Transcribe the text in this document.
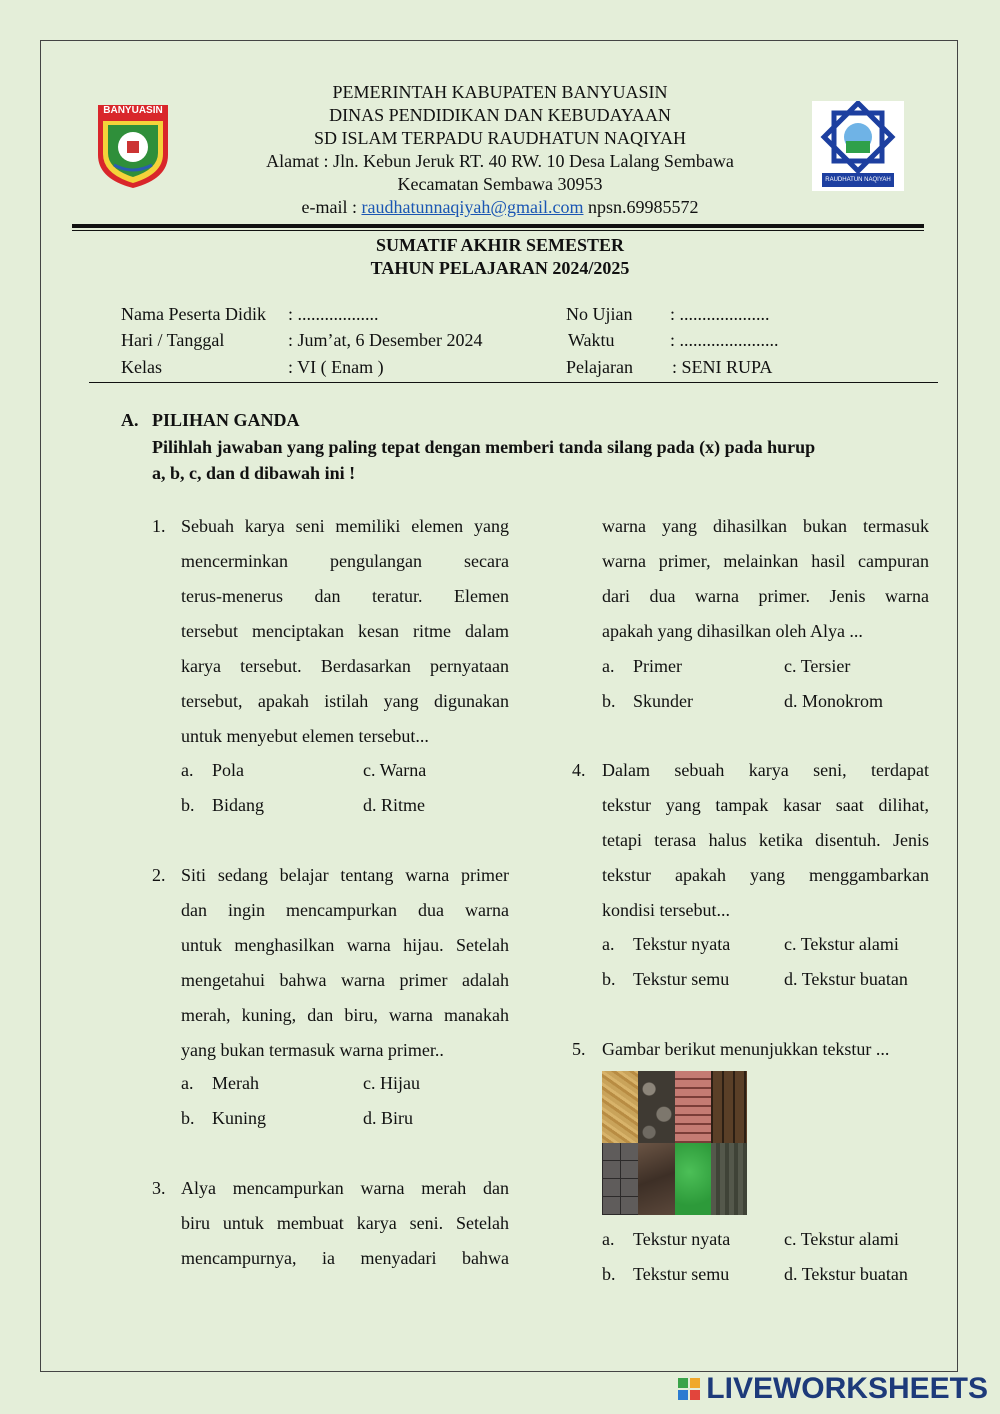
BANYUASIN
RAUDHATUN NAQIYAH
PEMERINTAH KABUPATEN BANYUASIN
DINAS PENDIDIKAN DAN KEBUDAYAAN
SD ISLAM TERPADU RAUDHATUN NAQIYAH
Alamat : Jln. Kebun Jeruk RT. 40 RW. 10 Desa Lalang Sembawa
Kecamatan Sembawa 30953
e-mail : raudhatunnaqiyah@gmail.com npsn.69985572
SUMATIF AKHIR SEMESTER
TAHUN PELAJARAN 2024/2025
Nama Peserta Didik : ..................
Hari / Tanggal	: Jum’at, 6 Desember 2024
Kelas	: VI ( Enam )
No Ujian : ....................
Waktu	: ......................
Pelajaran : SENI RUPA
A. PILIHAN GANDA
Pilihlah jawaban yang paling tepat dengan memberi tanda silang pada (x) pada hurup
a, b, c, dan d dibawah ini !
1. Sebuah karya seni memiliki elemen yang
mencerminkan pengulangan secara
terus-menerus dan teratur. Elemen
tersebut menciptakan kesan ritme dalam
karya tersebut. Berdasarkan pernyataan
tersebut, apakah istilah yang digunakan
untuk menyebut elemen tersebut...
a. Pola
b. Bidang
c. Warna
d. Ritme
2. Siti sedang belajar tentang warna primer
dan ingin mencampurkan dua warna
untuk menghasilkan warna hijau. Setelah
mengetahui bahwa warna primer adalah
merah, kuning, dan biru, warna manakah
yang bukan termasuk warna primer..
a. Merah
b. Kuning
c. Hijau
d. Biru
3. Alya mencampurkan warna merah dan
biru untuk membuat karya seni. Setelah
mencampurnya, ia menyadari bahwa
warna yang dihasilkan bukan termasuk
warna primer, melainkan hasil campuran
dari dua warna primer. Jenis warna
apakah yang dihasilkan oleh Alya ...
a. Primer
b. Skunder
c. Tersier
d. Monokrom
4. Dalam sebuah karya seni, terdapat
tekstur yang tampak kasar saat dilihat,
tetapi terasa halus ketika disentuh. Jenis
tekstur apakah yang menggambarkan
kondisi tersebut...
a. Tekstur nyata
b. Tekstur semu
c. Tekstur alami
d. Tekstur buatan
5. Gambar berikut menunjukkan tekstur ...
a. Tekstur nyata
b. Tekstur semu
c. Tekstur alami
d. Tekstur buatan
LIVEWORKSHEETS
